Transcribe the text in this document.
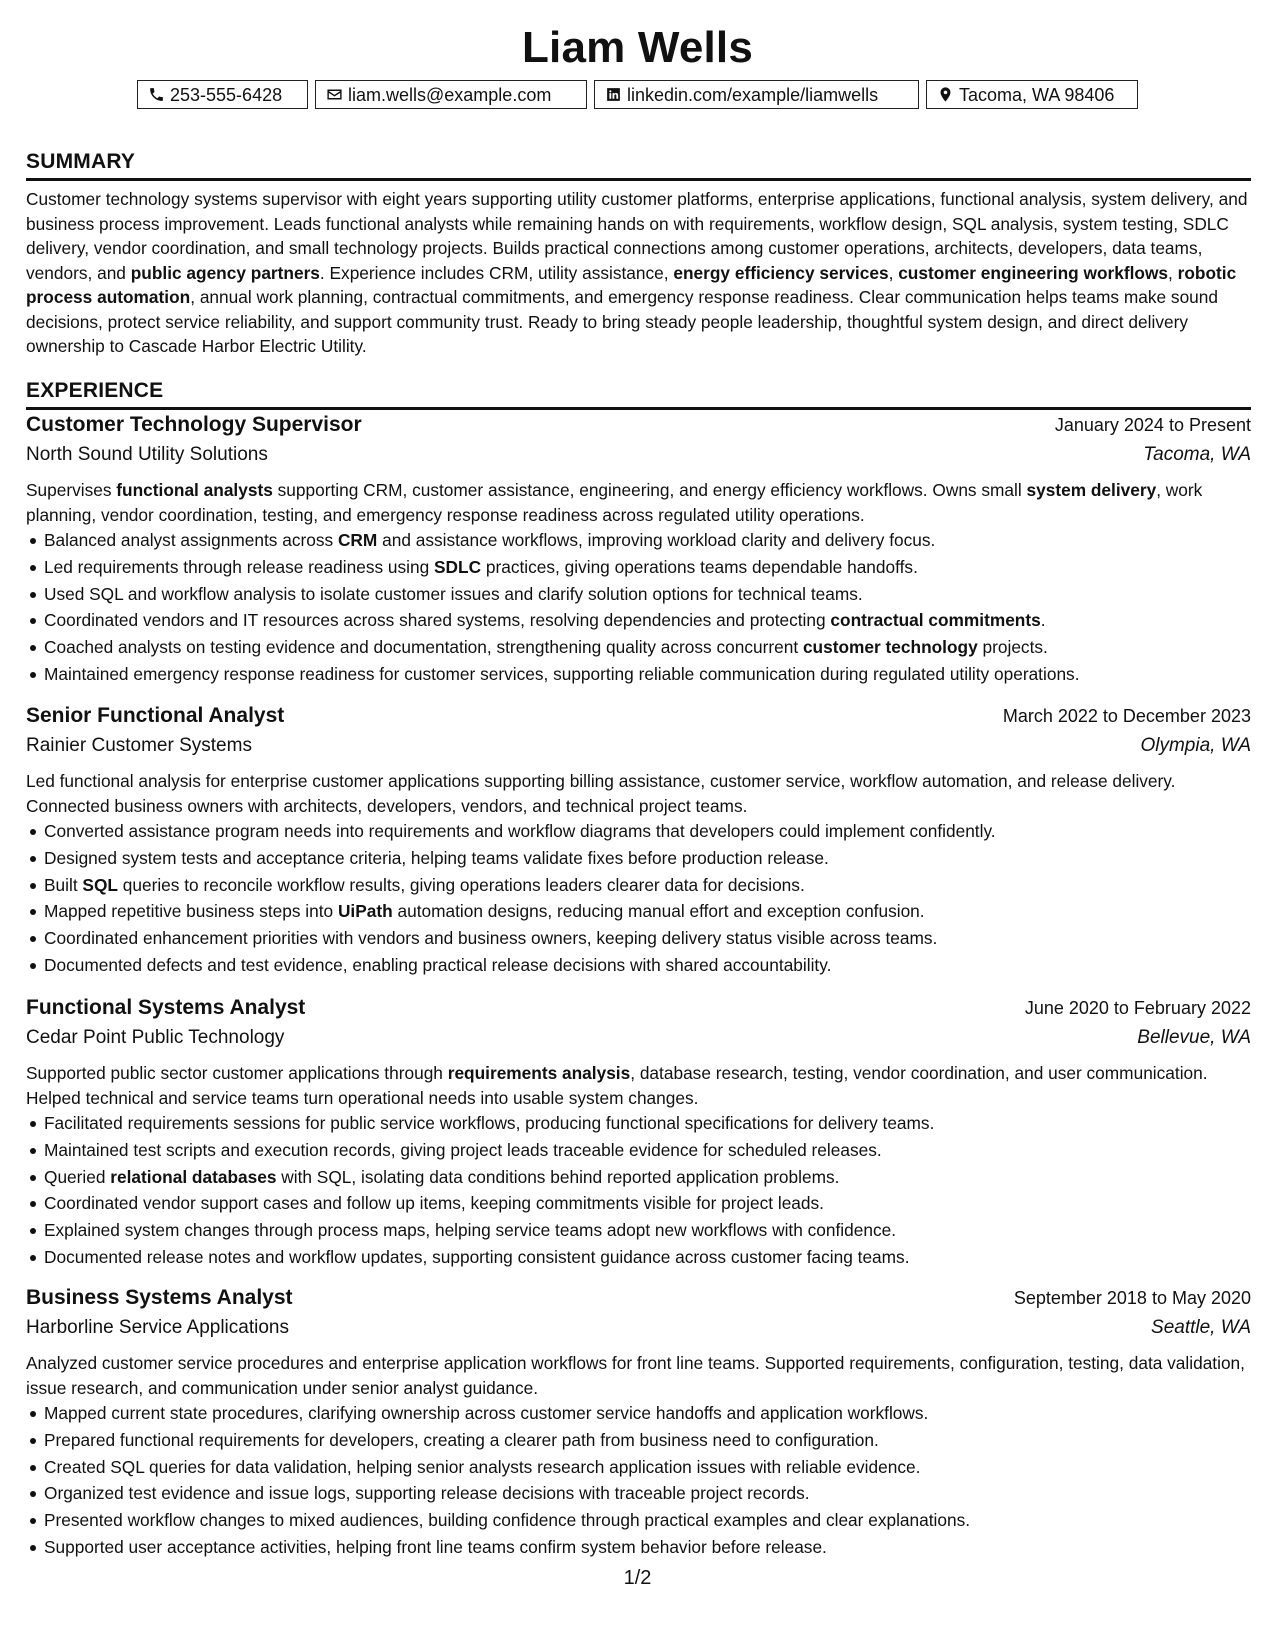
Liam Wells
253-555-6428	liam.wells@example.com	linkedin.com/example/liamwells	Tacoma, WA 98406
SUMMARY

Customer technology systems supervisor with eight years supporting utility customer platforms, enterprise applications, functional analysis, system delivery, and business process improvement. Leads functional analysts while remaining hands on with requirements, workflow design, SQL analysis, system testing, SDLC delivery, vendor coordination, and small technology projects. Builds practical connections among customer operations, architects, developers, data teams, vendors, and public agency partners. Experience includes CRM, utility assistance, energy efficiency services, customer engineering workflows, robotic process automation, annual work planning, contractual commitments, and emergency response readiness. Clear communication helps teams make sound decisions, protect service reliability, and support community trust. Ready to bring steady people leadership, thoughtful system design, and direct delivery ownership to Cascade Harbor Electric Utility.

EXPERIENCE
Customer Technology Supervisor	January 2024 to Present
North Sound Utility Solutions	Tacoma, WA

Supervises functional analysts supporting CRM, customer assistance, engineering, and energy efficiency workflows. Owns small system delivery, work planning, vendor coordination, testing, and emergency response readiness across regulated utility operations.

Balanced analyst assignments across CRM and assistance workflows, improving workload clarity and delivery focus.
Led requirements through release readiness using SDLC practices, giving operations teams dependable handoffs.
Used SQL and workflow analysis to isolate customer issues and clarify solution options for technical teams.
Coordinated vendors and IT resources across shared systems, resolving dependencies and protecting contractual commitments.
Coached analysts on testing evidence and documentation, strengthening quality across concurrent customer technology projects.
Maintained emergency response readiness for customer services, supporting reliable communication during regulated utility operations.
Senior Functional Analyst	March 2022 to December 2023
Rainier Customer Systems	Olympia, WA

Led functional analysis for enterprise customer applications supporting billing assistance, customer service, workflow automation, and release delivery. Connected business owners with architects, developers, vendors, and technical project teams.

Converted assistance program needs into requirements and workflow diagrams that developers could implement confidently.
Designed system tests and acceptance criteria, helping teams validate fixes before production release.
Built SQL queries to reconcile workflow results, giving operations leaders clearer data for decisions.
Mapped repetitive business steps into UiPath automation designs, reducing manual effort and exception confusion.
Coordinated enhancement priorities with vendors and business owners, keeping delivery status visible across teams.
Documented defects and test evidence, enabling practical release decisions with shared accountability.
Functional Systems Analyst	June 2020 to February 2022
Cedar Point Public Technology	Bellevue, WA

Supported public sector customer applications through requirements analysis, database research, testing, vendor coordination, and user communication. Helped technical and service teams turn operational needs into usable system changes.

Facilitated requirements sessions for public service workflows, producing functional specifications for delivery teams.
Maintained test scripts and execution records, giving project leads traceable evidence for scheduled releases.
Queried relational databases with SQL, isolating data conditions behind reported application problems.
Coordinated vendor support cases and follow up items, keeping commitments visible for project leads.
Explained system changes through process maps, helping service teams adopt new workflows with confidence.
Documented release notes and workflow updates, supporting consistent guidance across customer facing teams.
Business Systems Analyst	September 2018 to May 2020
Harborline Service Applications	Seattle, WA

Analyzed customer service procedures and enterprise application workflows for front line teams. Supported requirements, configuration, testing, data validation, issue research, and communication under senior analyst guidance.

Mapped current state procedures, clarifying ownership across customer service handoffs and application workflows.
Prepared functional requirements for developers, creating a clearer path from business need to configuration.
Created SQL queries for data validation, helping senior analysts research application issues with reliable evidence.
Organized test evidence and issue logs, supporting release decisions with traceable project records.
Presented workflow changes to mixed audiences, building confidence through practical examples and clear explanations.
Supported user acceptance activities, helping front line teams confirm system behavior before release.
1/2
